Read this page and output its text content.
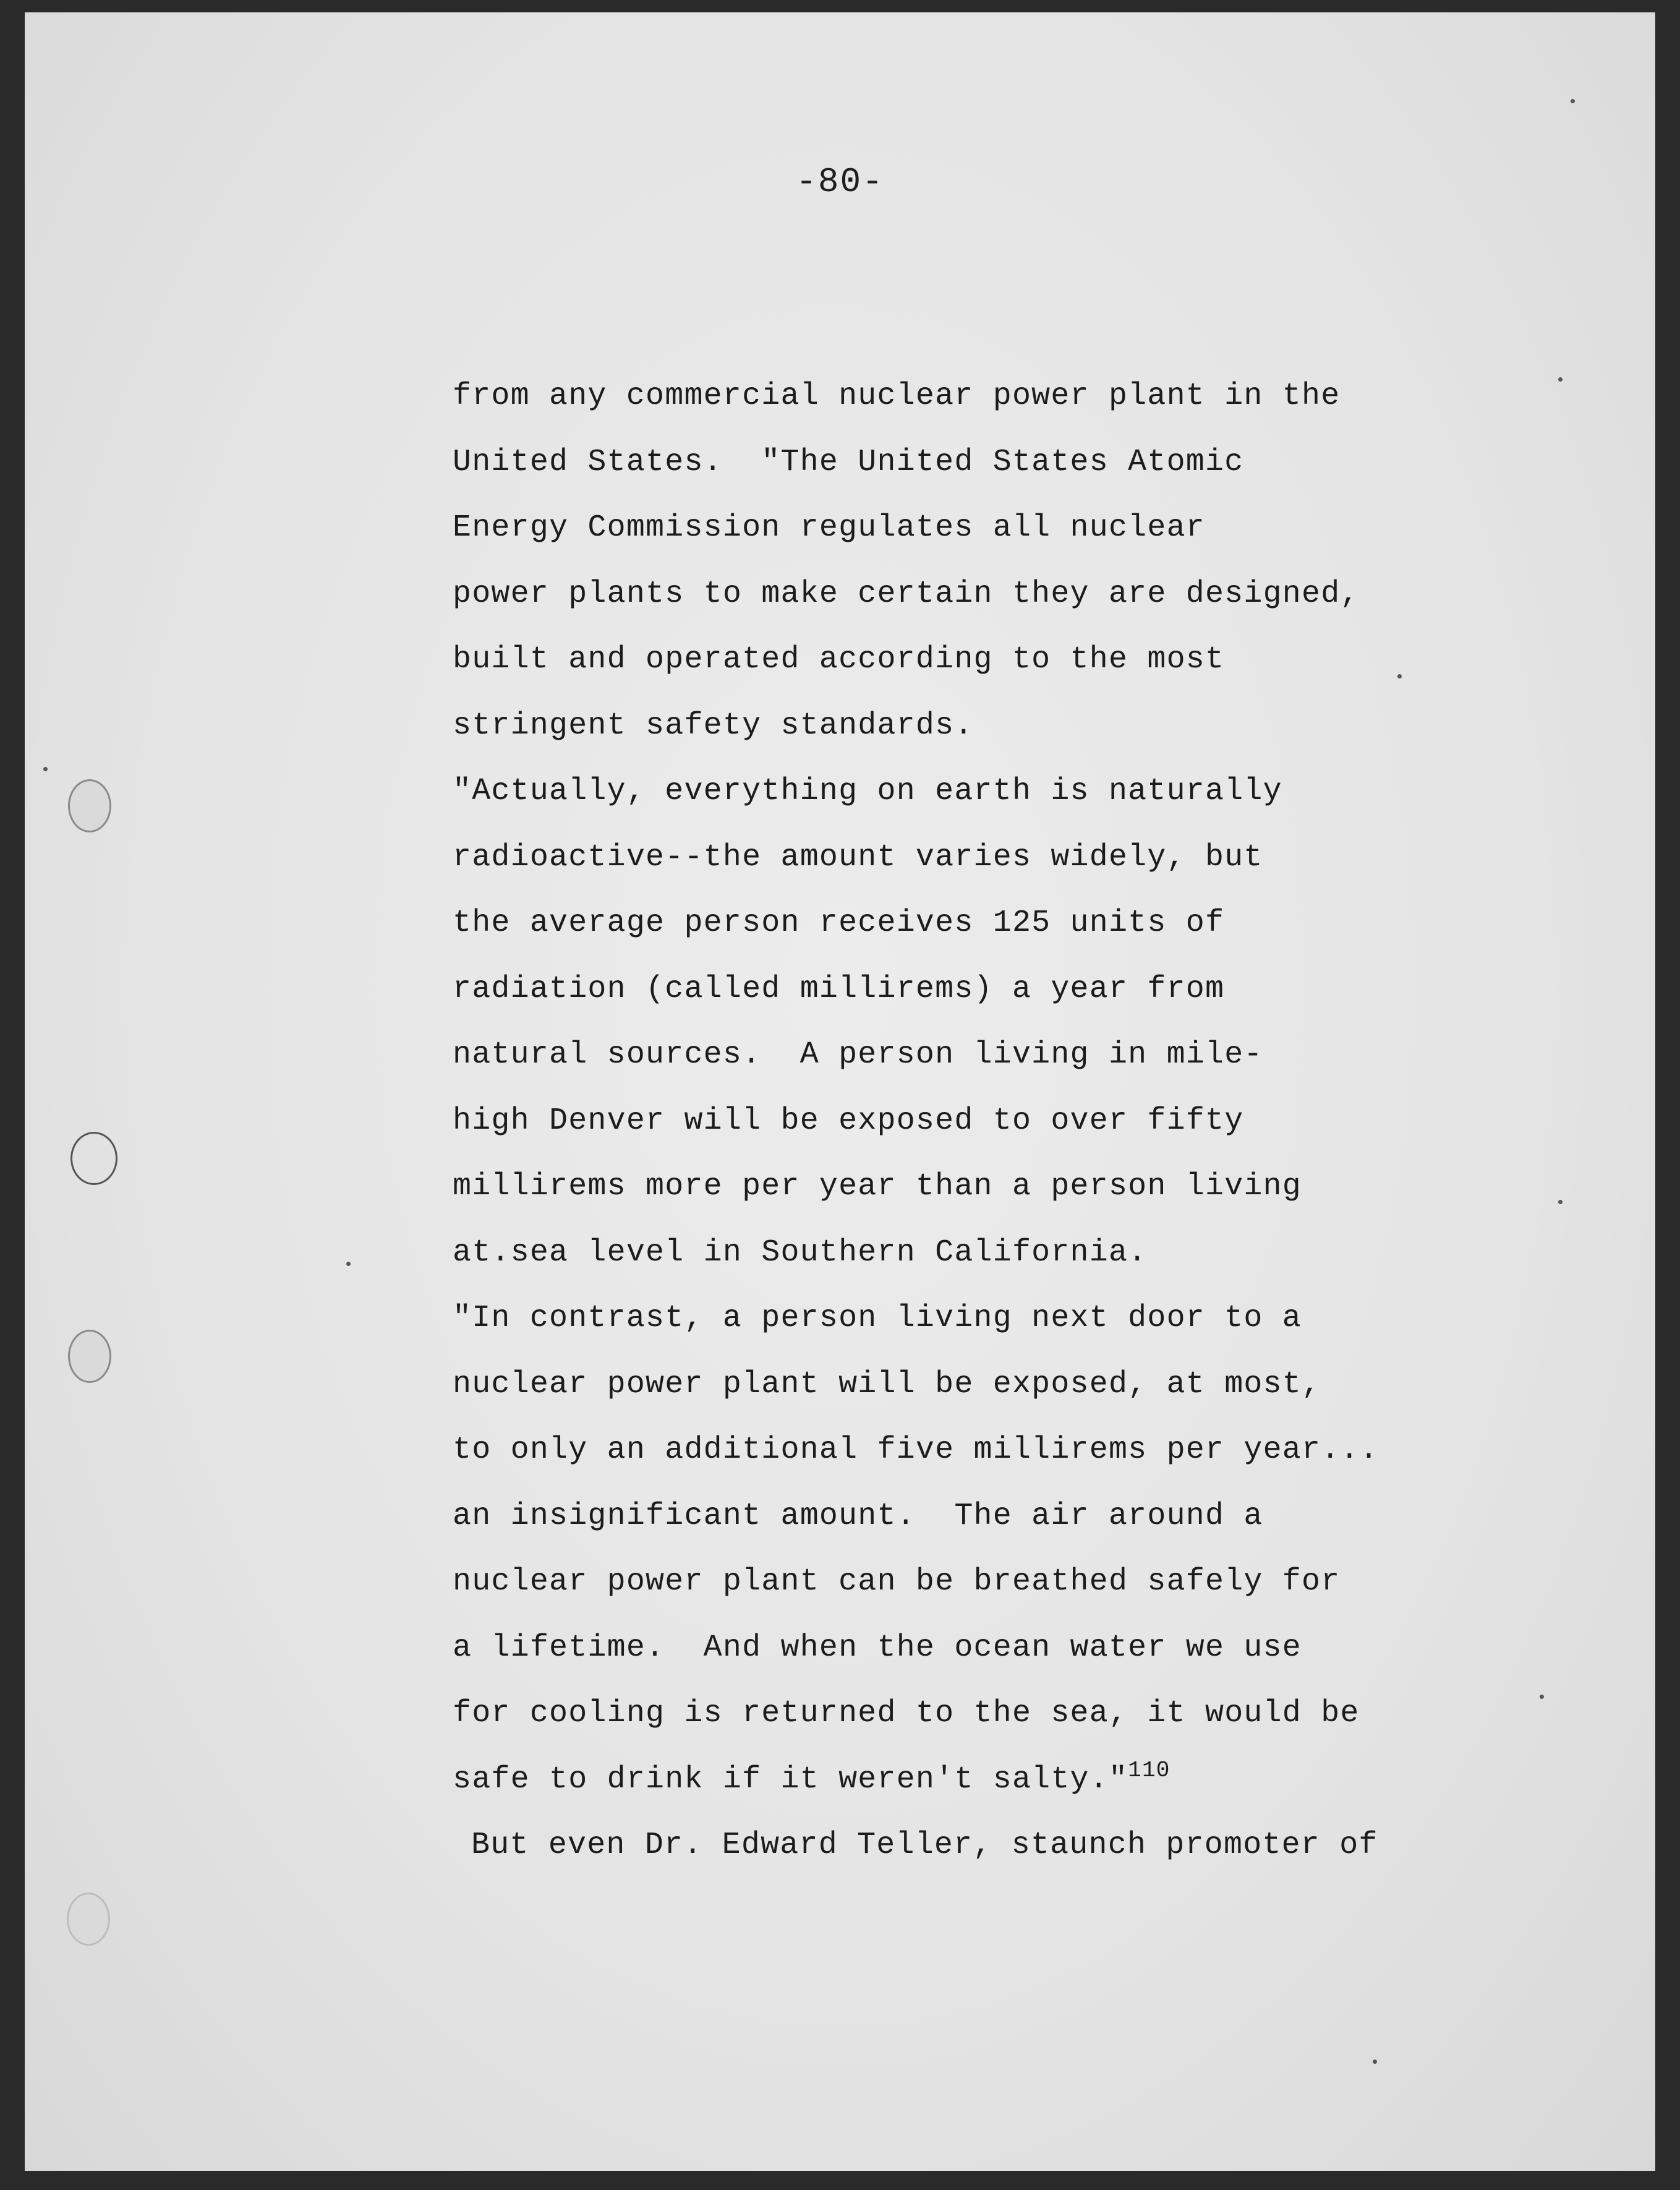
-80-
from any commercial nuclear power plant in the
United States.  "The United States Atomic
Energy Commission regulates all nuclear
power plants to make certain they are designed,
built and operated according to the most
stringent safety standards.
"Actually, everything on earth is naturally
radioactive--the amount varies widely, but
the average person receives 125 units of
radiation (called millirems) a year from
natural sources.  A person living in mile-
high Denver will be exposed to over fifty
millirems more per year than a person living
at.sea level in Southern California.
"In contrast, a person living next door to a
nuclear power plant will be exposed, at most,
to only an additional five millirems per year...
an insignificant amount.  The air around a
nuclear power plant can be breathed safely for
a lifetime.  And when the ocean water we use
for cooling is returned to the sea, it would be
safe to drink if it weren't salty."$^{110}$
But even Dr. Edward Teller, staunch promoter of
